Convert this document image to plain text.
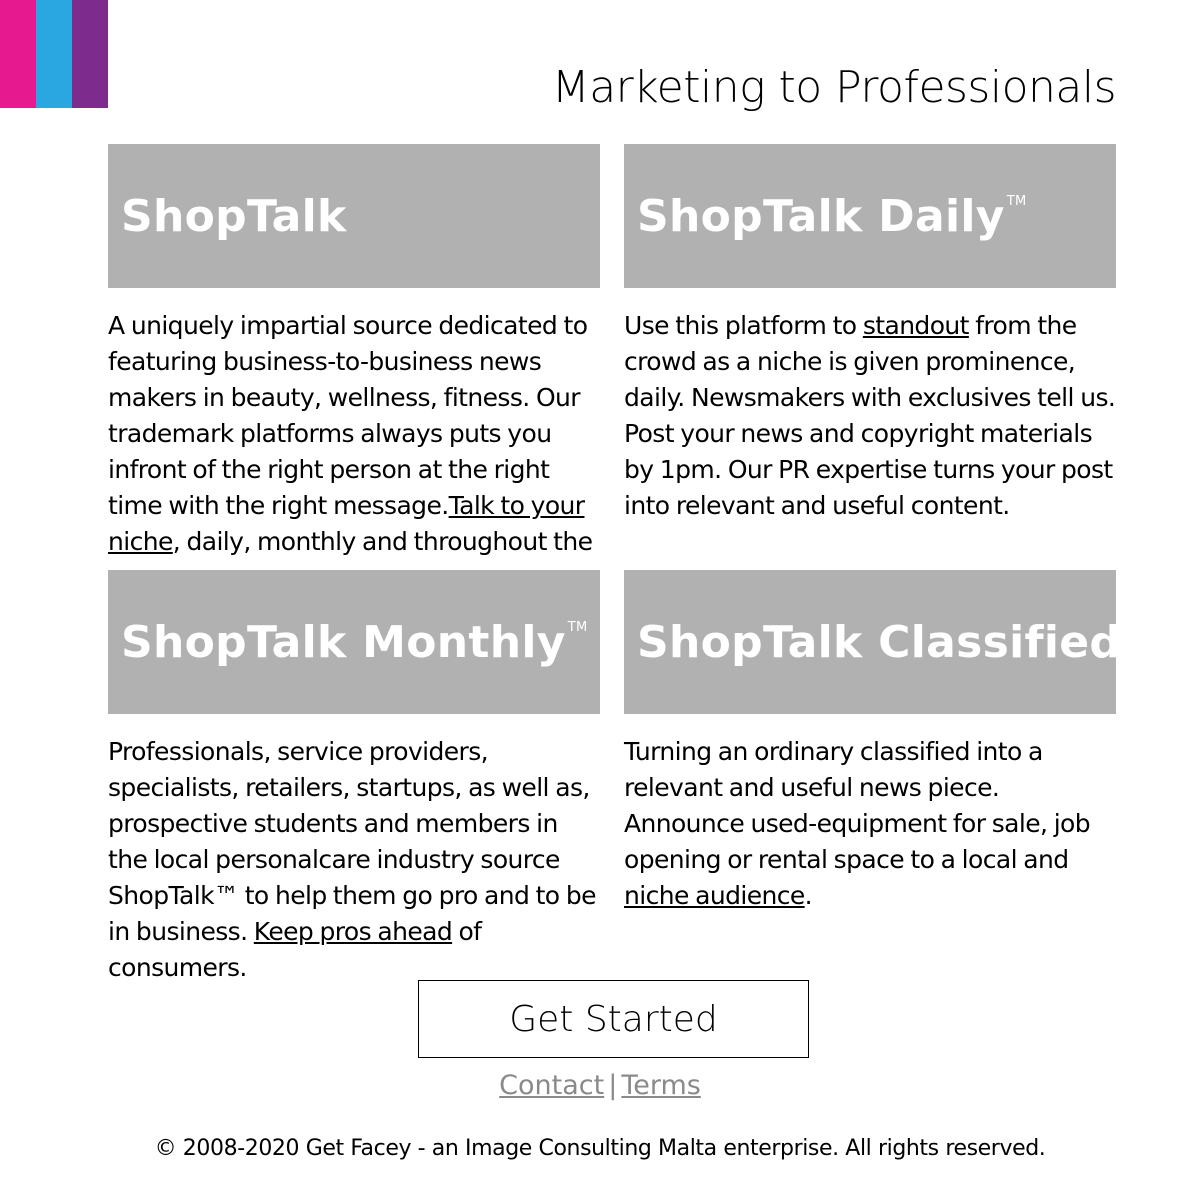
Marketing to Professionals
ShopTalk
A uniquely impartial source dedicated to featuring business-to-business news makers in beauty, wellness, fitness. Our trademark platforms always puts you infront of the right person at the right time with the right message.Talk to your niche, daily, monthly and throughout the
ShopTalk Daily ™
Use this platform to standout from the crowd as a niche is given prominence, daily. Newsmakers with exclusives tell us. Post your news and copyright materials by 1pm. Our PR expertise turns your post into relevant and useful content.
ShopTalk Monthly ™
Professionals, service providers, specialists, retailers, startups, as well as, prospective students and members in the local personalcare industry source ShopTalk™ to help them go pro and to be in business. Keep pros ahead of consumers.
ShopTalk Classified ™
Turning an ordinary classified into a relevant and useful news piece. Announce used-equipment for sale, job opening or rental space to a local and niche audience.
Get Started
Contact | Terms
© 2008-2020 Get Facey - an Image Consulting Malta enterprise. All rights reserved.
